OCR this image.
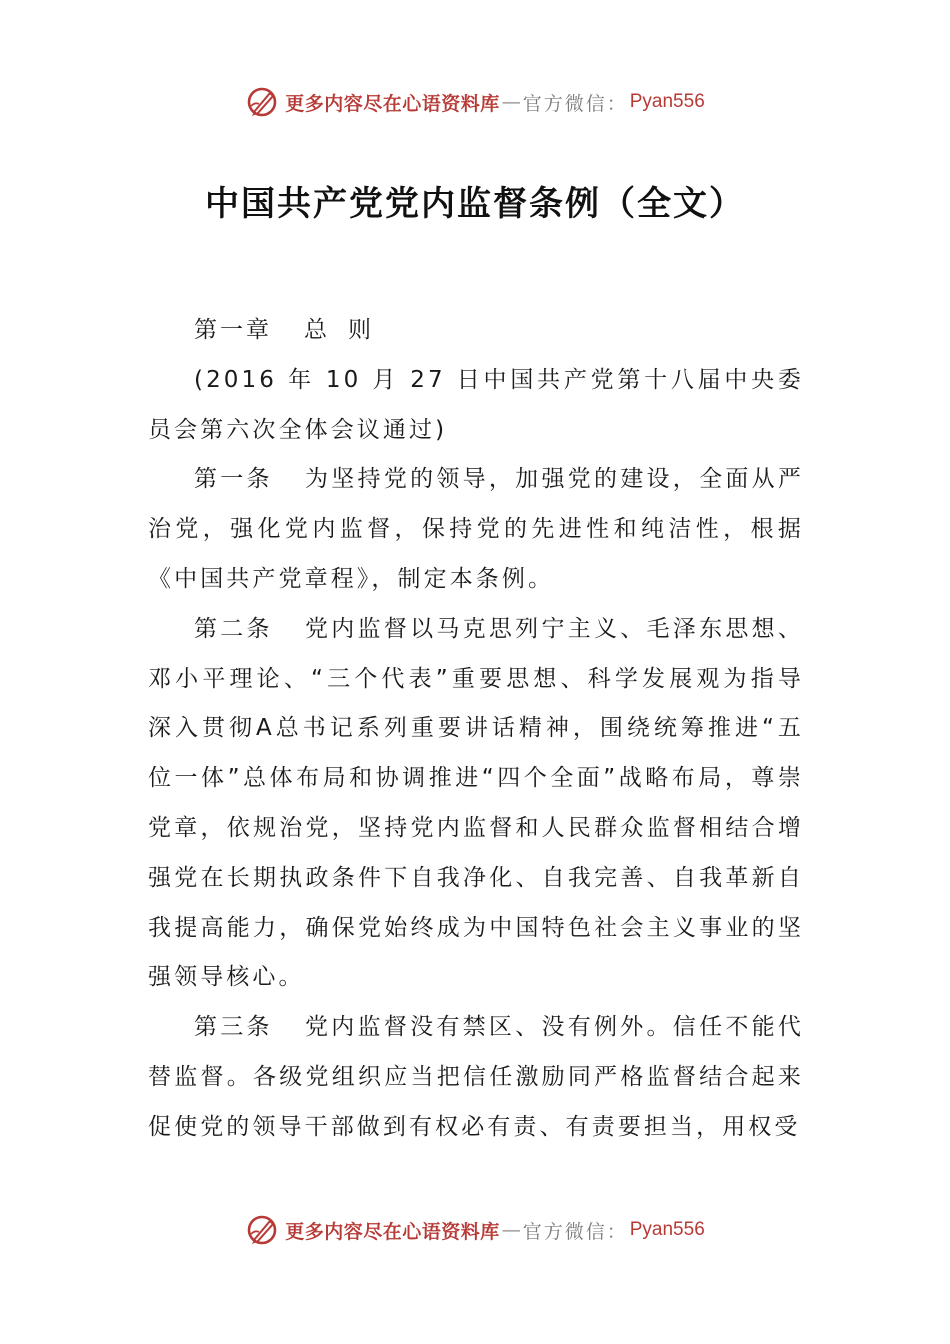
更多内容尽在心语资料库 — 官方微信： Pyan556
中国共产党党内监督条例（全文）

第一章 总 则

(2016 年 10 月 27 日中国共产党第十八届中央委员会第六次全体会议通过)

第一条 为坚持党的领导，加强党的建设，全面从严治党，强化党内监督，保持党的先进性和纯洁性，根据《中国共产党章程》，制定本条例。

第二条 党内监督以马克思列宁主义、毛泽东思想、邓小平理论、“三个代表”重要思想、科学发展观为指导深入贯彻A总书记系列重要讲话精神，围绕统筹推进“五位一体”总体布局和协调推进“四个全面”战略布局，尊崇党章，依规治党，坚持党内监督和人民群众监督相结合增强党在长期执政条件下自我净化、自我完善、自我革新自我提高能力，确保党始终成为中国特色社会主义事业的坚强领导核心。

第三条 党内监督没有禁区、没有例外。信任不能代替监督。各级党组织应当把信任激励同严格监督结合起来促使党的领导干部做到有权必有责、有责要担当，用权受

更多内容尽在心语资料库 — 官方微信： Pyan556
